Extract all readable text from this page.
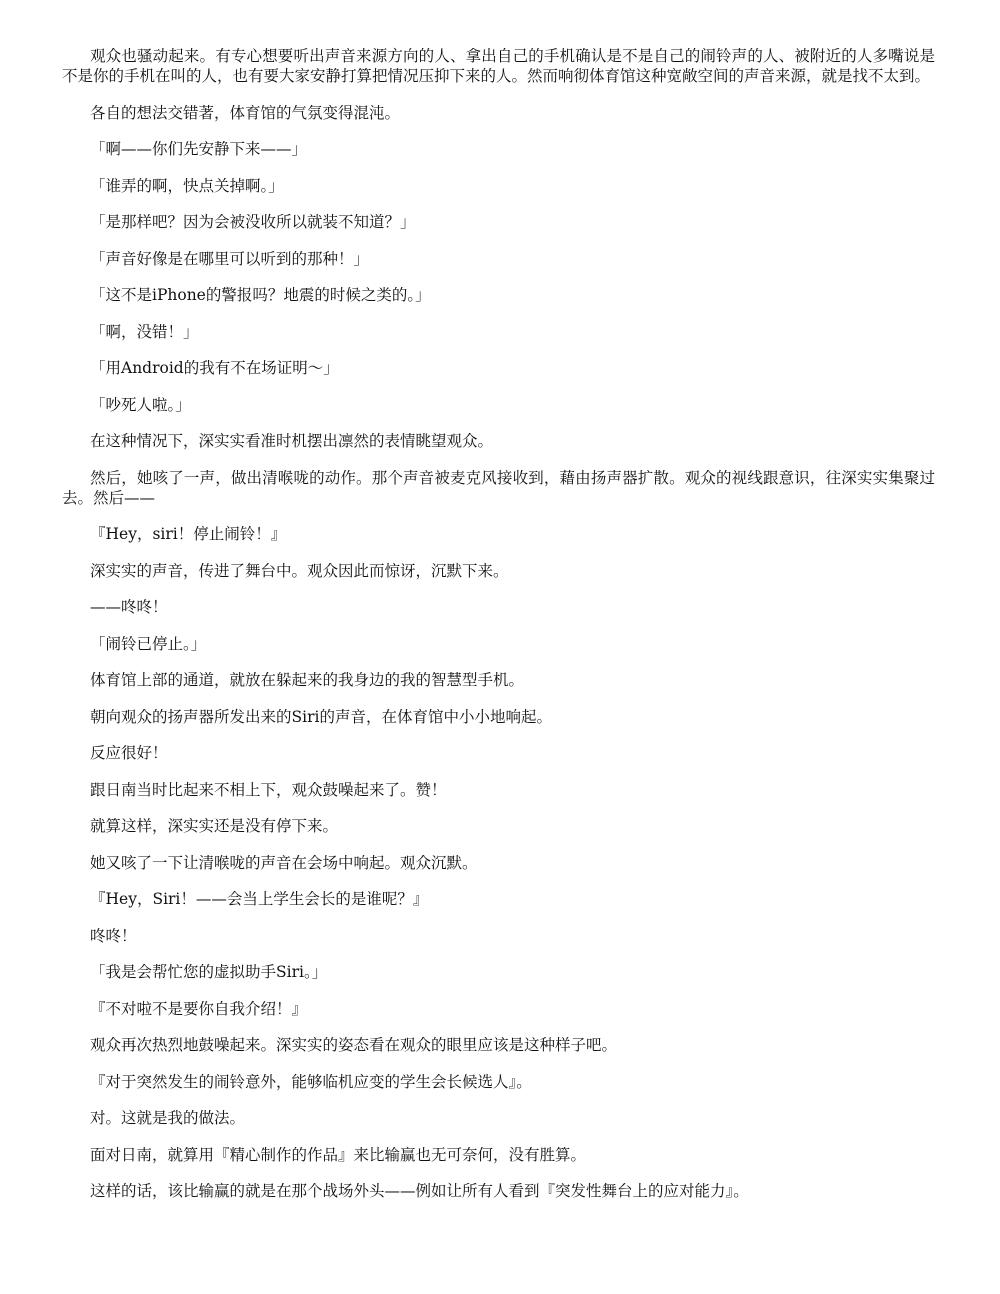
观众也骚动起来。有专心想要听出声音来源方向的人、拿出自己的手机确认是不是自己的闹铃声的人、被附近的人多嘴说是不是你的手机在叫的人，也有要大家安静打算把情况压抑下来的人。然而响彻体育馆这种宽敞空间的声音来源，就是找不太到。

各自的想法交错著，体育馆的气氛变得混沌。

「啊——你们先安静下来——」

「谁弄的啊，快点关掉啊。」

「是那样吧？因为会被没收所以就装不知道？」

「声音好像是在哪里可以听到的那种！」

「这不是iPhone的警报吗？地震的时候之类的。」

「啊，没错！」

「用Android的我有不在场证明～」

「吵死人啦。」

在这种情况下，深实实看准时机摆出凛然的表情眺望观众。

然后，她咳了一声，做出清喉咙的动作。那个声音被麦克风接收到，藉由扬声器扩散。观众的视线跟意识，往深实实集聚过去。然后——

『Hey，siri！停止闹铃！』

深实实的声音，传进了舞台中。观众因此而惊讶，沉默下来。

——咚咚！

「闹铃已停止。」

体育馆上部的通道，就放在躲起来的我身边的我的智慧型手机。

朝向观众的扬声器所发出来的Siri的声音，在体育馆中小小地响起。

反应很好！

跟日南当时比起来不相上下，观众鼓噪起来了。赞！

就算这样，深实实还是没有停下来。

她又咳了一下让清喉咙的声音在会场中响起。观众沉默。

『Hey，Siri！——会当上学生会长的是谁呢？』

咚咚！

「我是会帮忙您的虚拟助手Siri。」

『不对啦不是要你自我介绍！』

观众再次热烈地鼓噪起来。深实实的姿态看在观众的眼里应该是这种样子吧。

『对于突然发生的闹铃意外，能够临机应变的学生会长候选人』。

对。这就是我的做法。

面对日南，就算用『精心制作的作品』来比输赢也无可奈何，没有胜算。

这样的话，该比输赢的就是在那个战场外头——例如让所有人看到『突发性舞台上的应对能力』。
